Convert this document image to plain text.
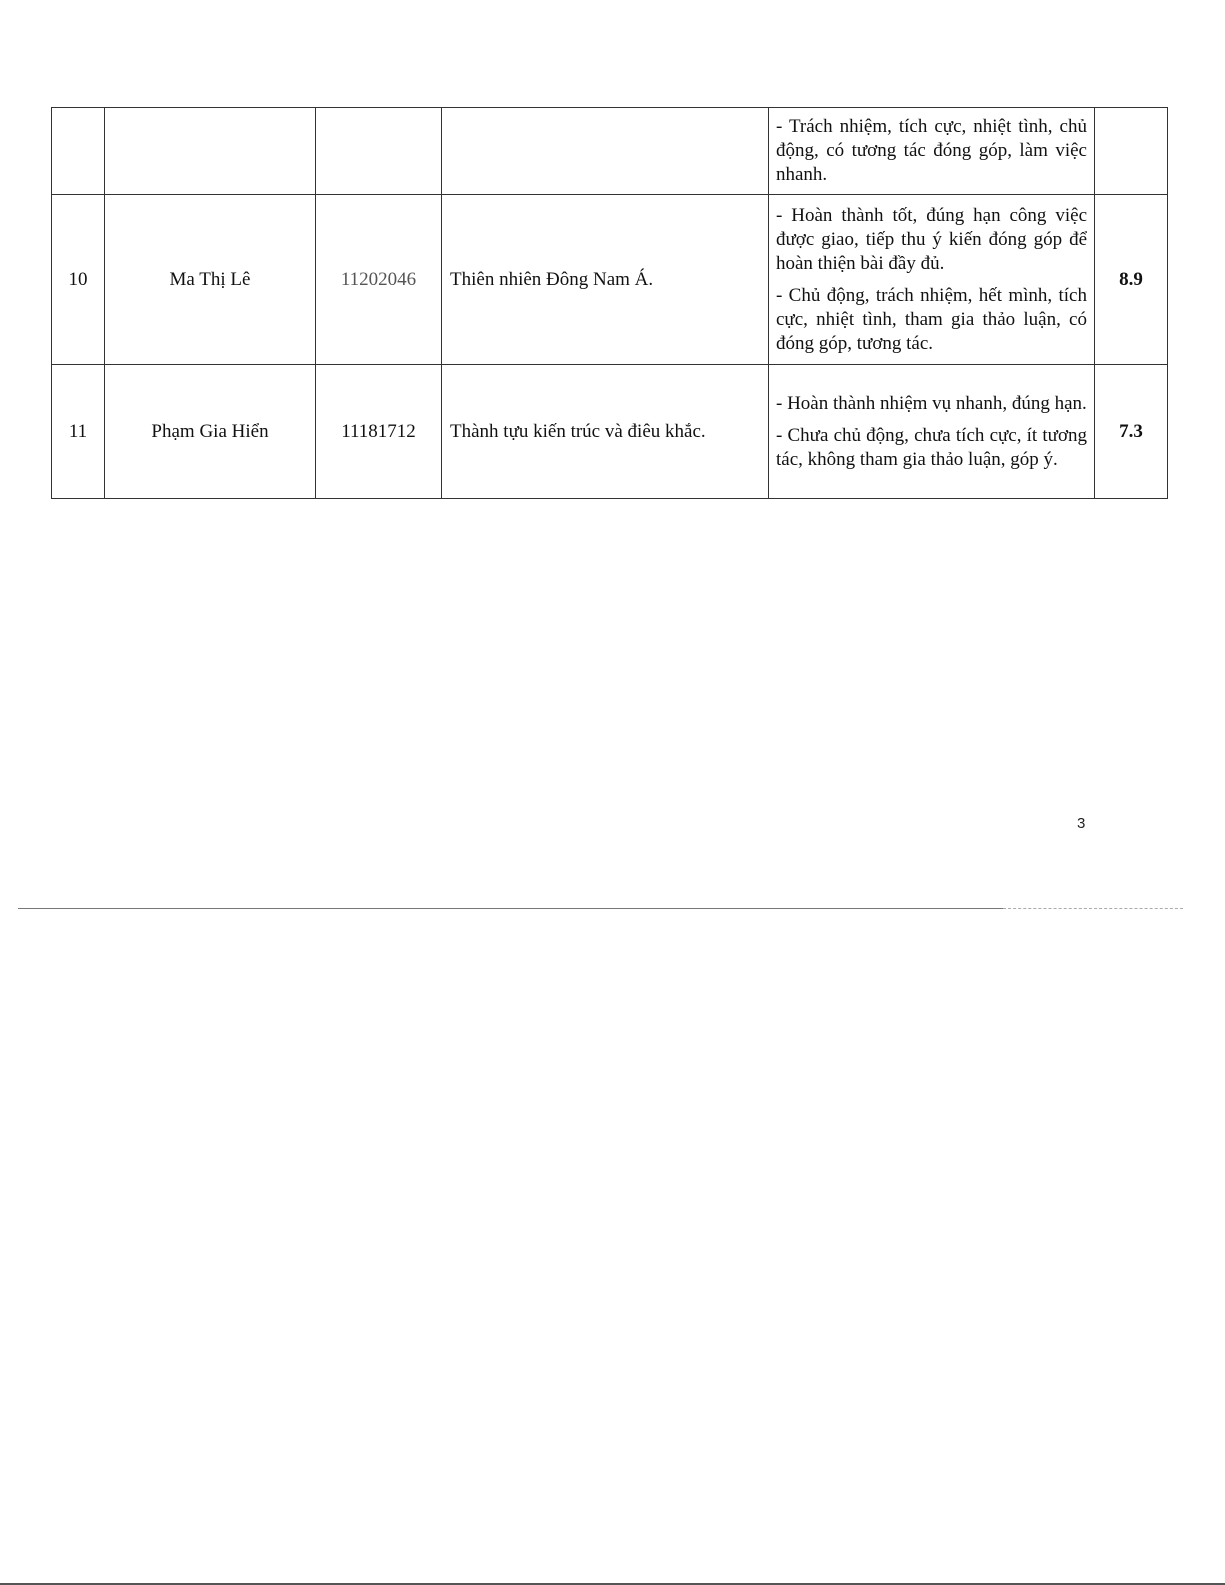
				- Trách nhiệm, tích cực, nhiệt tình, chủ động, có tương tác đóng góp, làm việc nhanh.	

10	Ma Thị Lê	11202046	Thiên nhiên Đông Nam Á.	- Hoàn thành tốt, đúng hạn công việc được giao, tiếp thu ý kiến đóng góp để hoàn thiện bài đầy đủ.
- Chủ động, trách nhiệm, hết mình, tích cực, nhiệt tình, tham gia thảo luận, có đóng góp, tương tác.	8.9
11	Phạm Gia Hiển	11181712	Thành tựu kiến trúc và điêu khắc.	- Hoàn thành nhiệm vụ nhanh, đúng hạn.
- Chưa chủ động, chưa tích cực, ít tương tác, không tham gia thảo luận, góp ý.	7.3
3
